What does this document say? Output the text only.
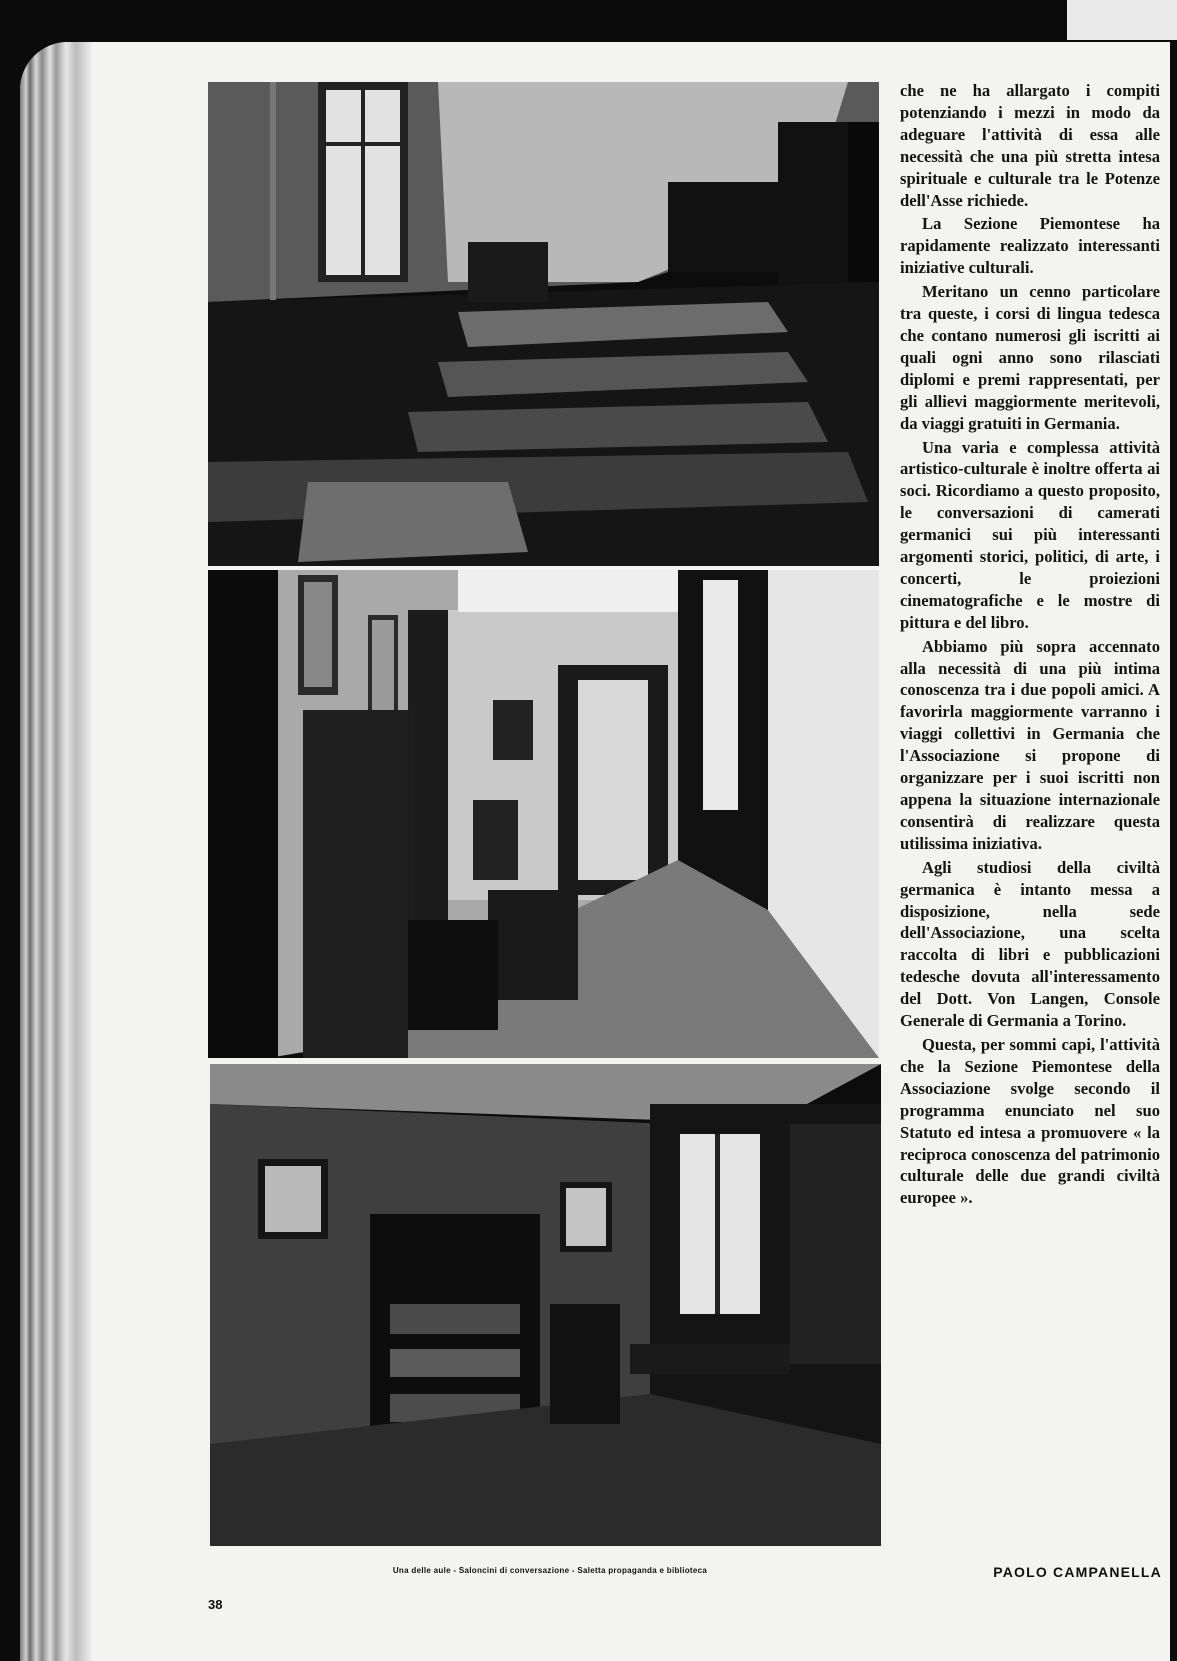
Una delle aule - Saloncini di conversazione - Saletta propaganda e biblioteca
38

che ne ha allargato i compiti potenziando i mezzi in modo da adeguare l'attività di essa alle necessità che una più stretta intesa spirituale e culturale tra le Potenze dell'Asse richiede.

La Sezione Piemontese ha rapidamente realizzato interessanti iniziative culturali.

Meritano un cenno particolare tra queste, i corsi di lingua tedesca che contano numerosi gli iscritti ai quali ogni anno sono rilasciati diplomi e premi rappresentati, per gli allievi maggiormente meritevoli, da viaggi gratuiti in Germania.

Una varia e complessa attività artistico-culturale è inoltre offerta ai soci. Ricordiamo a questo proposito, le conversazioni di camerati germanici sui più interessanti argomenti storici, politici, di arte, i concerti, le proiezioni cinematografiche e le mostre di pittura e del libro.

Abbiamo più sopra accennato alla necessità di una più intima conoscenza tra i due popoli amici. A favorirla maggiormente varranno i viaggi collettivi in Germania che l'Associazione si propone di organizzare per i suoi iscritti non appena la situazione internazionale consentirà di realizzare questa utilissima iniziativa.

Agli studiosi della civiltà germanica è intanto messa a disposizione, nella sede dell'Associazione, una scelta raccolta di libri e pubblicazioni tedesche dovuta all'interessamento del Dott. Von Langen, Console Generale di Germania a Torino.

Questa, per sommi capi, l'attività che la Sezione Piemontese della Associazione svolge secondo il programma enunciato nel suo Statuto ed intesa a promuovere « la reciproca conoscenza del patrimonio culturale delle due grandi civiltà europee ».

PAOLO CAMPANELLA
